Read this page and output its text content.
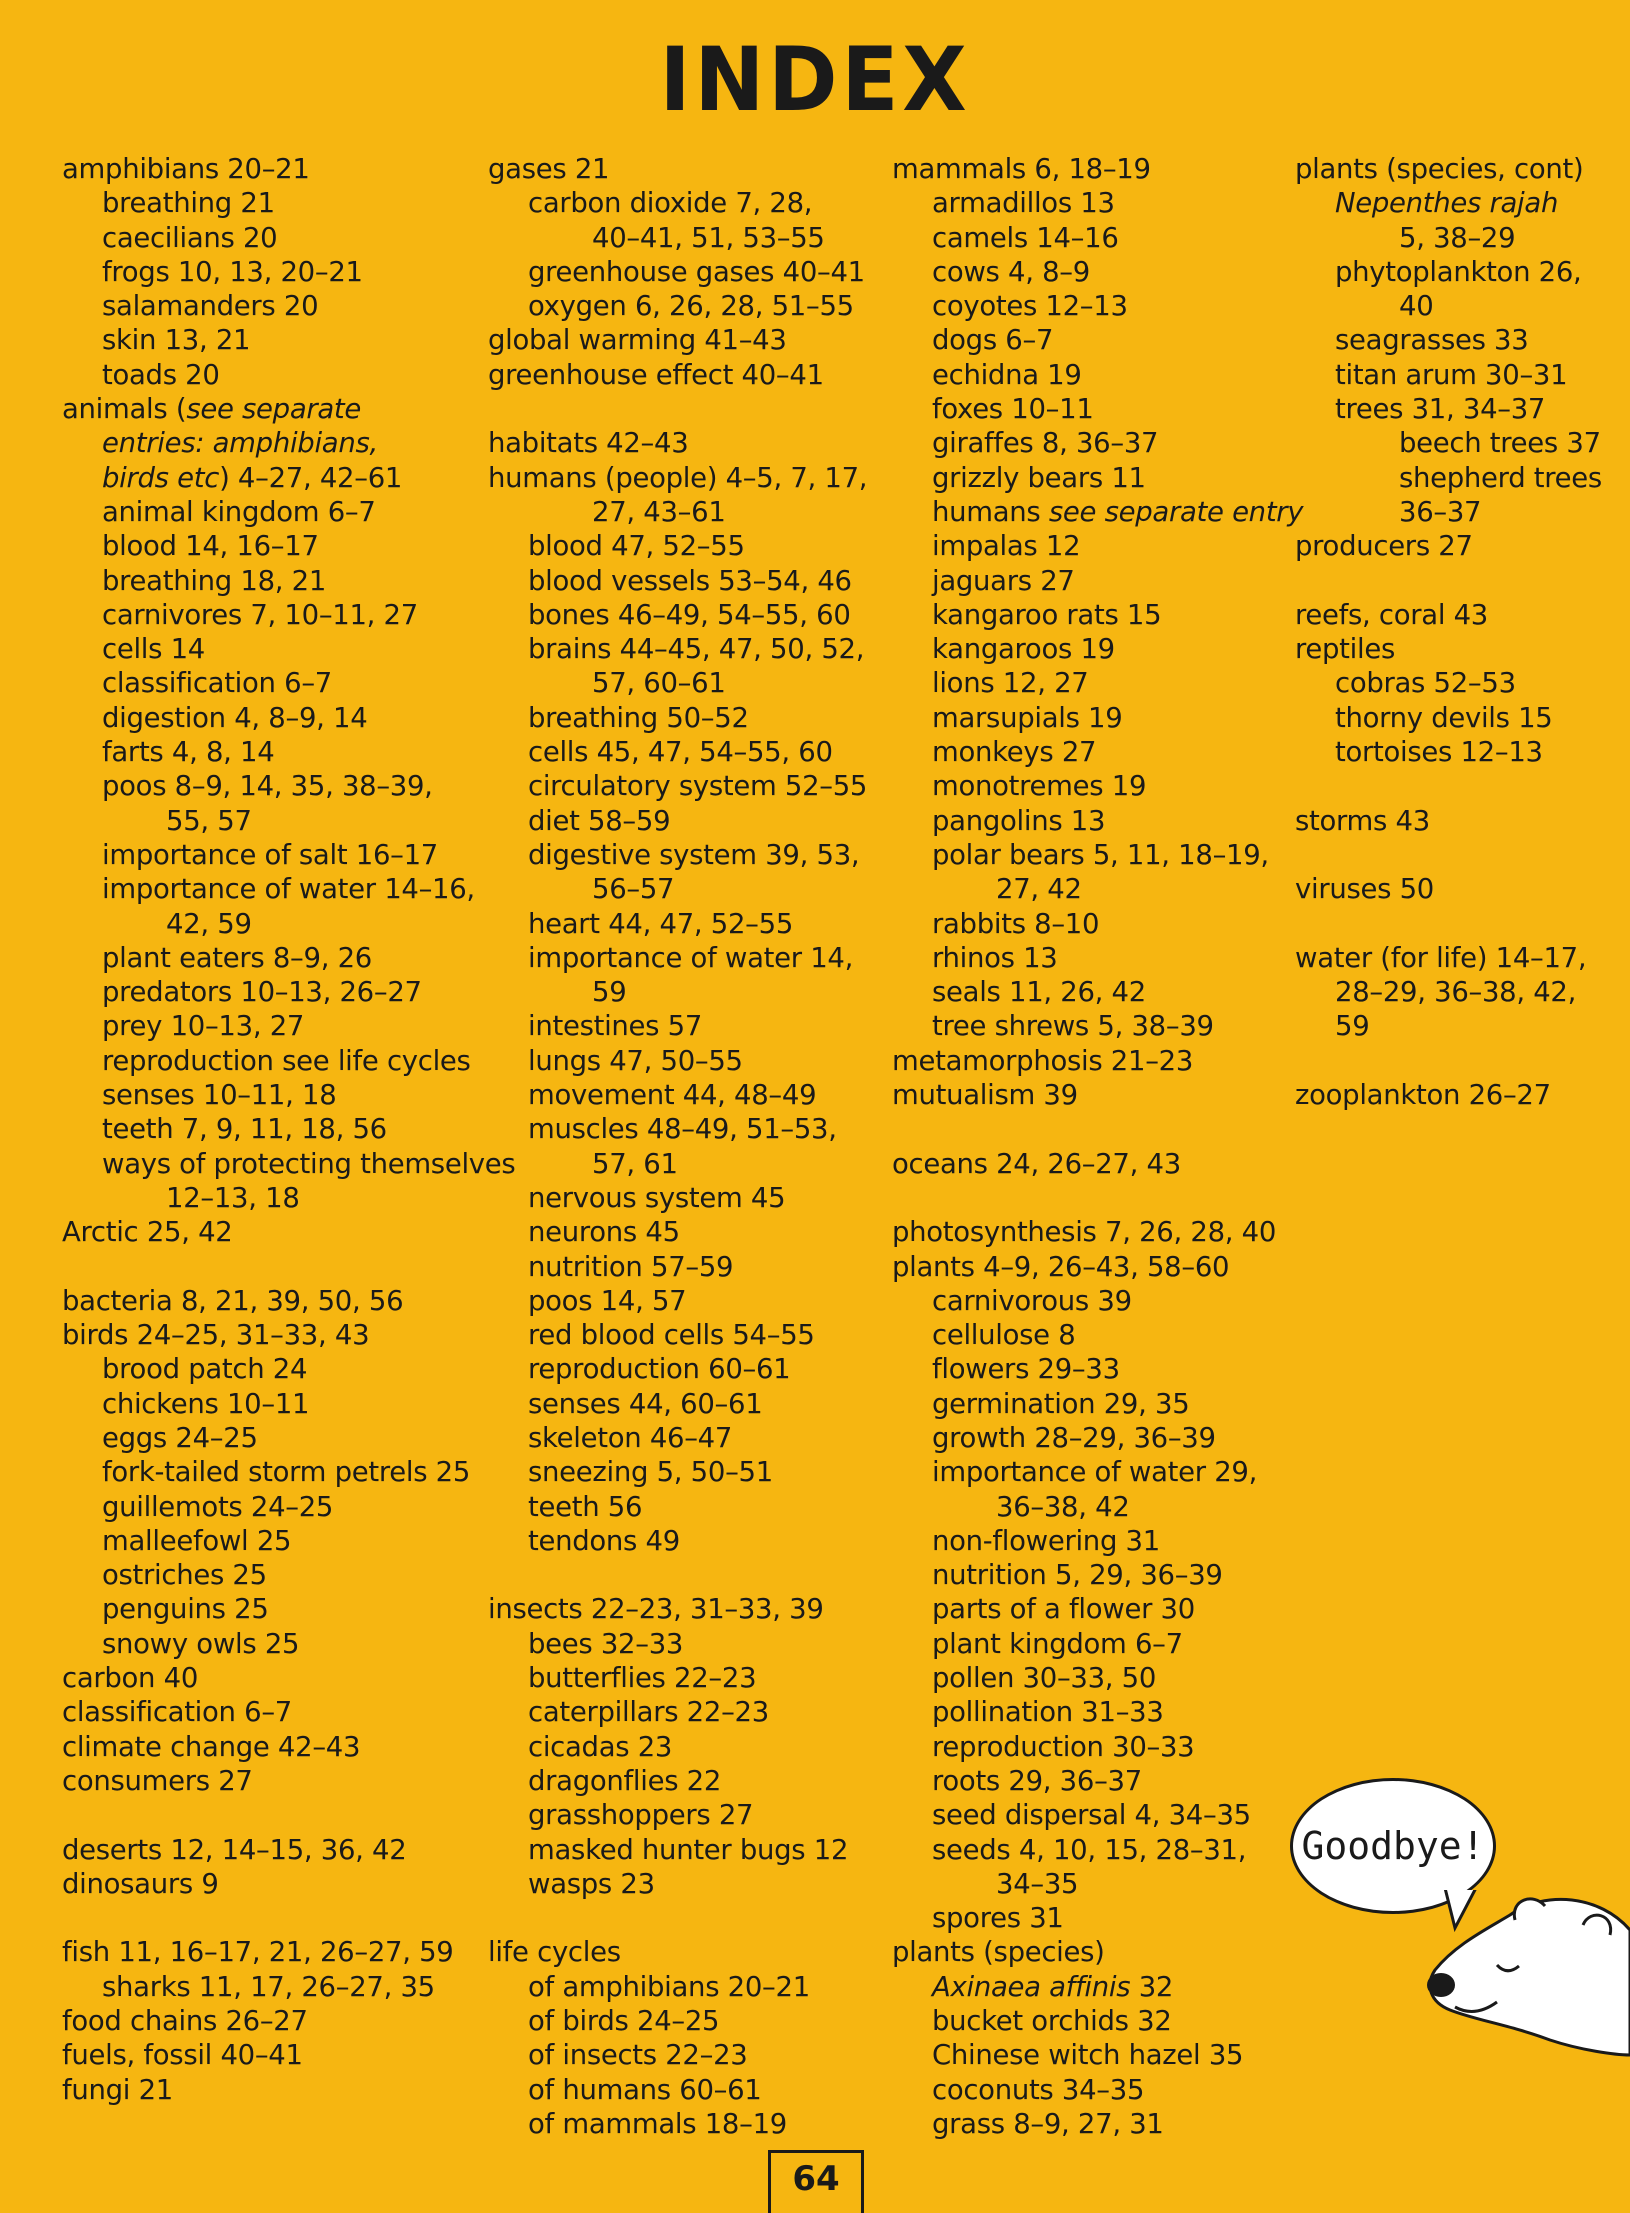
INDEX
amphibians 20–21
breathing 21
caecilians 20
frogs 10, 13, 20–21
salamanders 20
skin 13, 21
toads 20
animals (see separate
entries: amphibians,
birds etc) 4–27, 42–61
animal kingdom 6–7
blood 14, 16–17
breathing 18, 21
carnivores 7, 10–11, 27
cells 14
classification 6–7
digestion 4, 8–9, 14
farts 4, 8, 14
poos 8–9, 14, 35, 38–39,
55, 57
importance of salt 16–17
importance of water 14–16,
42, 59
plant eaters 8–9, 26
predators 10–13, 26–27
prey 10–13, 27
reproduction see life cycles
senses 10–11, 18
teeth 7, 9, 11, 18, 56
ways of protecting themselves
12–13, 18
Arctic 25, 42
bacteria 8, 21, 39, 50, 56
birds 24–25, 31–33, 43
brood patch 24
chickens 10–11
eggs 24–25
fork-tailed storm petrels 25
guillemots 24–25
malleefowl 25
ostriches 25
penguins 25
snowy owls 25
carbon 40
classification 6–7
climate change 42–43
consumers 27
deserts 12, 14–15, 36, 42
dinosaurs 9
fish 11, 16–17, 21, 26–27, 59
sharks 11, 17, 26–27, 35
food chains 26–27
fuels, fossil 40–41
fungi 21
gases 21
carbon dioxide 7, 28,
40–41, 51, 53–55
greenhouse gases 40–41
oxygen 6, 26, 28, 51–55
global warming 41–43
greenhouse effect 40–41
habitats 42–43
humans (people) 4–5, 7, 17,
27, 43–61
blood 47, 52–55
blood vessels 53–54, 46
bones 46–49, 54–55, 60
brains 44–45, 47, 50, 52,
57, 60–61
breathing 50–52
cells 45, 47, 54–55, 60
circulatory system 52–55
diet 58–59
digestive system 39, 53,
56–57
heart 44, 47, 52–55
importance of water 14,
59
intestines 57
lungs 47, 50–55
movement 44, 48–49
muscles 48–49, 51–53,
57, 61
nervous system 45
neurons 45
nutrition 57–59
poos 14, 57
red blood cells 54–55
reproduction 60–61
senses 44, 60–61
skeleton 46–47
sneezing 5, 50–51
teeth 56
tendons 49
insects 22–23, 31–33, 39
bees 32–33
butterflies 22–23
caterpillars 22–23
cicadas 23
dragonflies 22
grasshoppers 27
masked hunter bugs 12
wasps 23
life cycles
of amphibians 20–21
of birds 24–25
of insects 22–23
of humans 60–61
of mammals 18–19
mammals 6, 18–19
armadillos 13
camels 14–16
cows 4, 8–9
coyotes 12–13
dogs 6–7
echidna 19
foxes 10–11
giraffes 8, 36–37
grizzly bears 11
humans see separate entry
impalas 12
jaguars 27
kangaroo rats 15
kangaroos 19
lions 12, 27
marsupials 19
monkeys 27
monotremes 19
pangolins 13
polar bears 5, 11, 18–19,
27, 42
rabbits 8–10
rhinos 13
seals 11, 26, 42
tree shrews 5, 38–39
metamorphosis 21–23
mutualism 39
oceans 24, 26–27, 43
photosynthesis 7, 26, 28, 40
plants 4–9, 26–43, 58–60
carnivorous 39
cellulose 8
flowers 29–33
germination 29, 35
growth 28–29, 36–39
importance of water 29,
36–38, 42
non-flowering 31
nutrition 5, 29, 36–39
parts of a flower 30
plant kingdom 6–7
pollen 30–33, 50
pollination 31–33
reproduction 30–33
roots 29, 36–37
seed dispersal 4, 34–35
seeds 4, 10, 15, 28–31,
34–35
spores 31
plants (species)
Axinaea affinis 32
bucket orchids 32
Chinese witch hazel 35
coconuts 34–35
grass 8–9, 27, 31
plants (species, cont)
Nepenthes rajah
5, 38–29
phytoplankton 26,
40
seagrasses 33
titan arum 30–31
trees 31, 34–37
beech trees 37
shepherd trees
36–37
producers 27
reefs, coral 43
reptiles
cobras 52–53
thorny devils 15
tortoises 12–13
storms 43
viruses 50
water (for life) 14–17,
28–29, 36–38, 42,
59
zooplankton 26–27
Goodbye!
64
